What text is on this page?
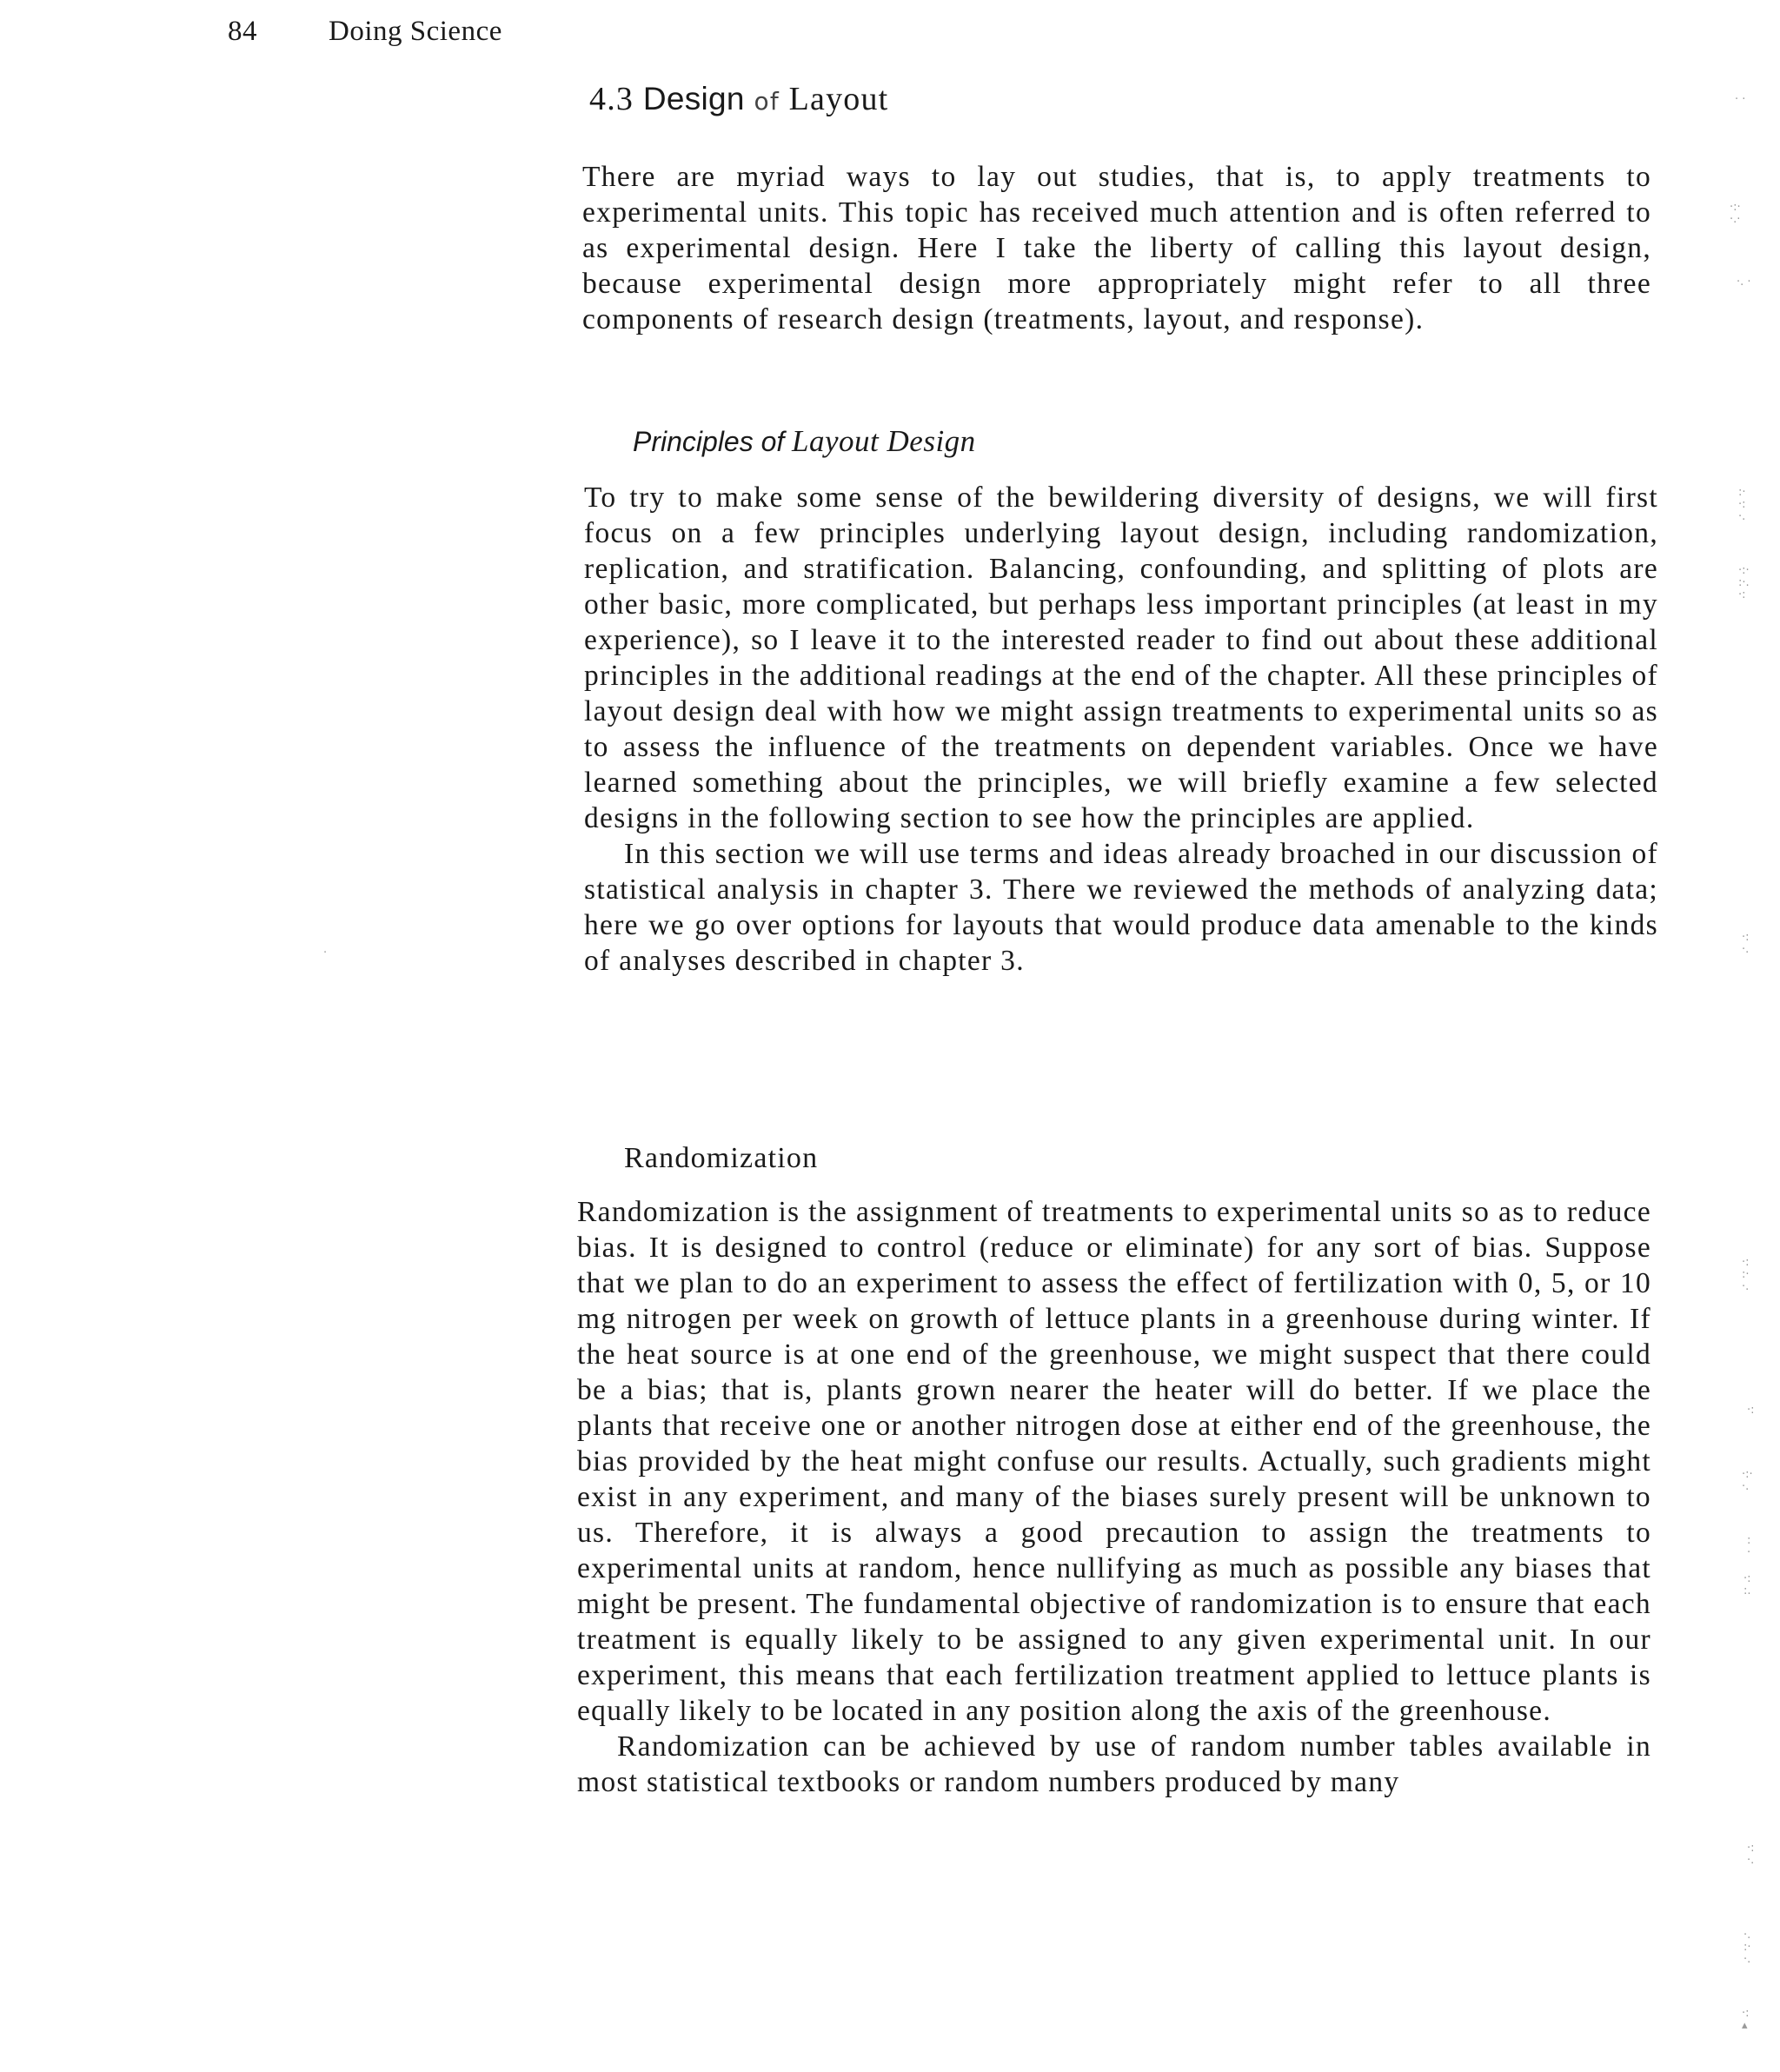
84 Doing Science
4.3 Design of Layout

There are myriad ways to lay out studies, that is, to apply treatments to experimental units. This topic has received much attention and is often referred to as experimental design. Here I take the liberty of calling this layout design, because experimental design more appropriately might refer to all three components of research design (treatments, layout, and response).

Principles of Layout Design

To try to make some sense of the bewildering diversity of designs, we will first focus on a few principles underlying layout design, including randomization, replication, and stratification. Balancing, confounding, and splitting of plots are other basic, more complicated, but perhaps less important principles (at least in my experience), so I leave it to the interested reader to find out about these additional principles in the additional readings at the end of the chapter. All these principles of layout design deal with how we might assign treatments to experimental units so as to assess the influence of the treatments on dependent variables. Once we have learned something about the principles, we will briefly examine a few selected designs in the following section to see how the principles are applied.

In this section we will use terms and ideas already broached in our discussion of statistical analysis in chapter 3. There we reviewed the methods of analyzing data; here we go over options for layouts that would produce data amenable to the kinds of analyses described in chapter 3.

Randomization

Randomization is the assignment of treatments to experimental units so as to reduce bias. It is designed to control (reduce or eliminate) for any sort of bias. Suppose that we plan to do an experiment to assess the effect of fertilization with 0, 5, or 10 mg nitrogen per week on growth of lettuce plants in a greenhouse during winter. If the heat source is at one end of the greenhouse, we might suspect that there could be a bias; that is, plants grown nearer the heater will do better. If we place the plants that receive one or another nitrogen dose at either end of the greenhouse, the bias provided by the heat might confuse our results. Actually, such gradients might exist in any experiment, and many of the biases surely present will be unknown to us. Therefore, it is always a good precaution to assign the treatments to experimental units at random, hence nullifying as much as possible any biases that might be present. The fundamental objective of randomization is to ensure that each treatment is equally likely to be assigned to any given experimental unit. In our experiment, this means that each fertilization treatment applied to lettuce plants is equally likely to be located in any position along the axis of the greenhouse.

Randomization can be achieved by use of random number tables available in most statistical textbooks or random numbers produced by many

· ·
·:·
·.·
·. ·
:·
·:
·.
·:·
:·.
·:
·:
·.
·:
:·
·.
·:
·:·
·.
:
·
·:
:.
·:
·.
·.
:·
·.
·:
▴
·
